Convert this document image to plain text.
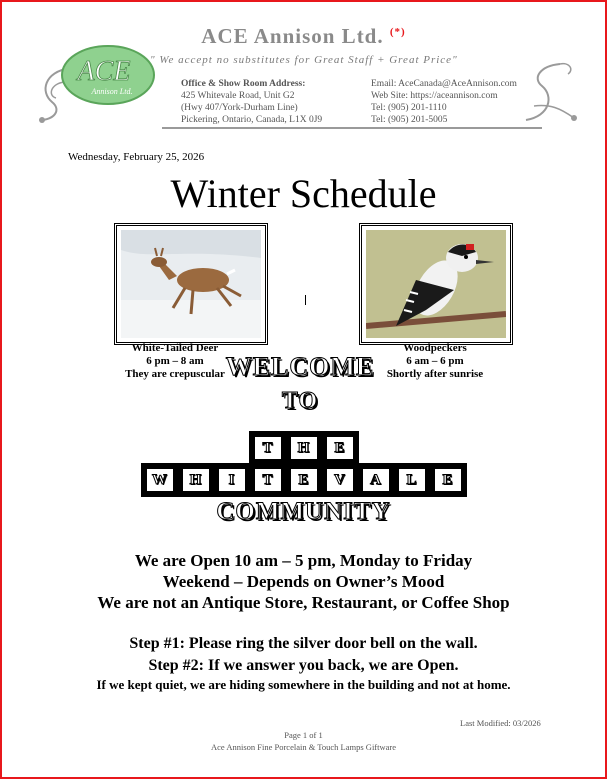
ACE Annison Ltd. (*)
" We accept no substitutes for Great Staff + Great Price"
ACE
Annison Ltd.
Office & Show Room Address:
425 Whitevale Road, Unit G2
(Hwy 407/York-Durham Line)
Pickering, Ontario, Canada, L1X 0J9
Email: AceCanada@AceAnnison.com
Web Site: https://aceannison.com
Tel: (905) 201-1110
Tel: (905) 201-5005
Wednesday, February 25, 2026
Winter Schedule
White-Tailed Deer
6 pm – 8 am
They are crepuscular
Woodpeckers
6 am – 6 pm
Shortly after sunrise
WELCOME
TO
T	H	E
W	H	I	T	E	V	A	L	E
COMMUNITY
We are Open 10 am – 5 pm, Monday to Friday
Weekend – Depends on Owner’s Mood
We are not an Antique Store, Restaurant, or Coffee Shop
Step #1: Please ring the silver door bell on the wall.
Step #2: If we answer you back, we are Open.
If we kept quiet, we are hiding somewhere in the building and not at home.
Last Modified: 03/2026
Page 1 of 1
Ace Annison Fine Porcelain & Touch Lamps Giftware
